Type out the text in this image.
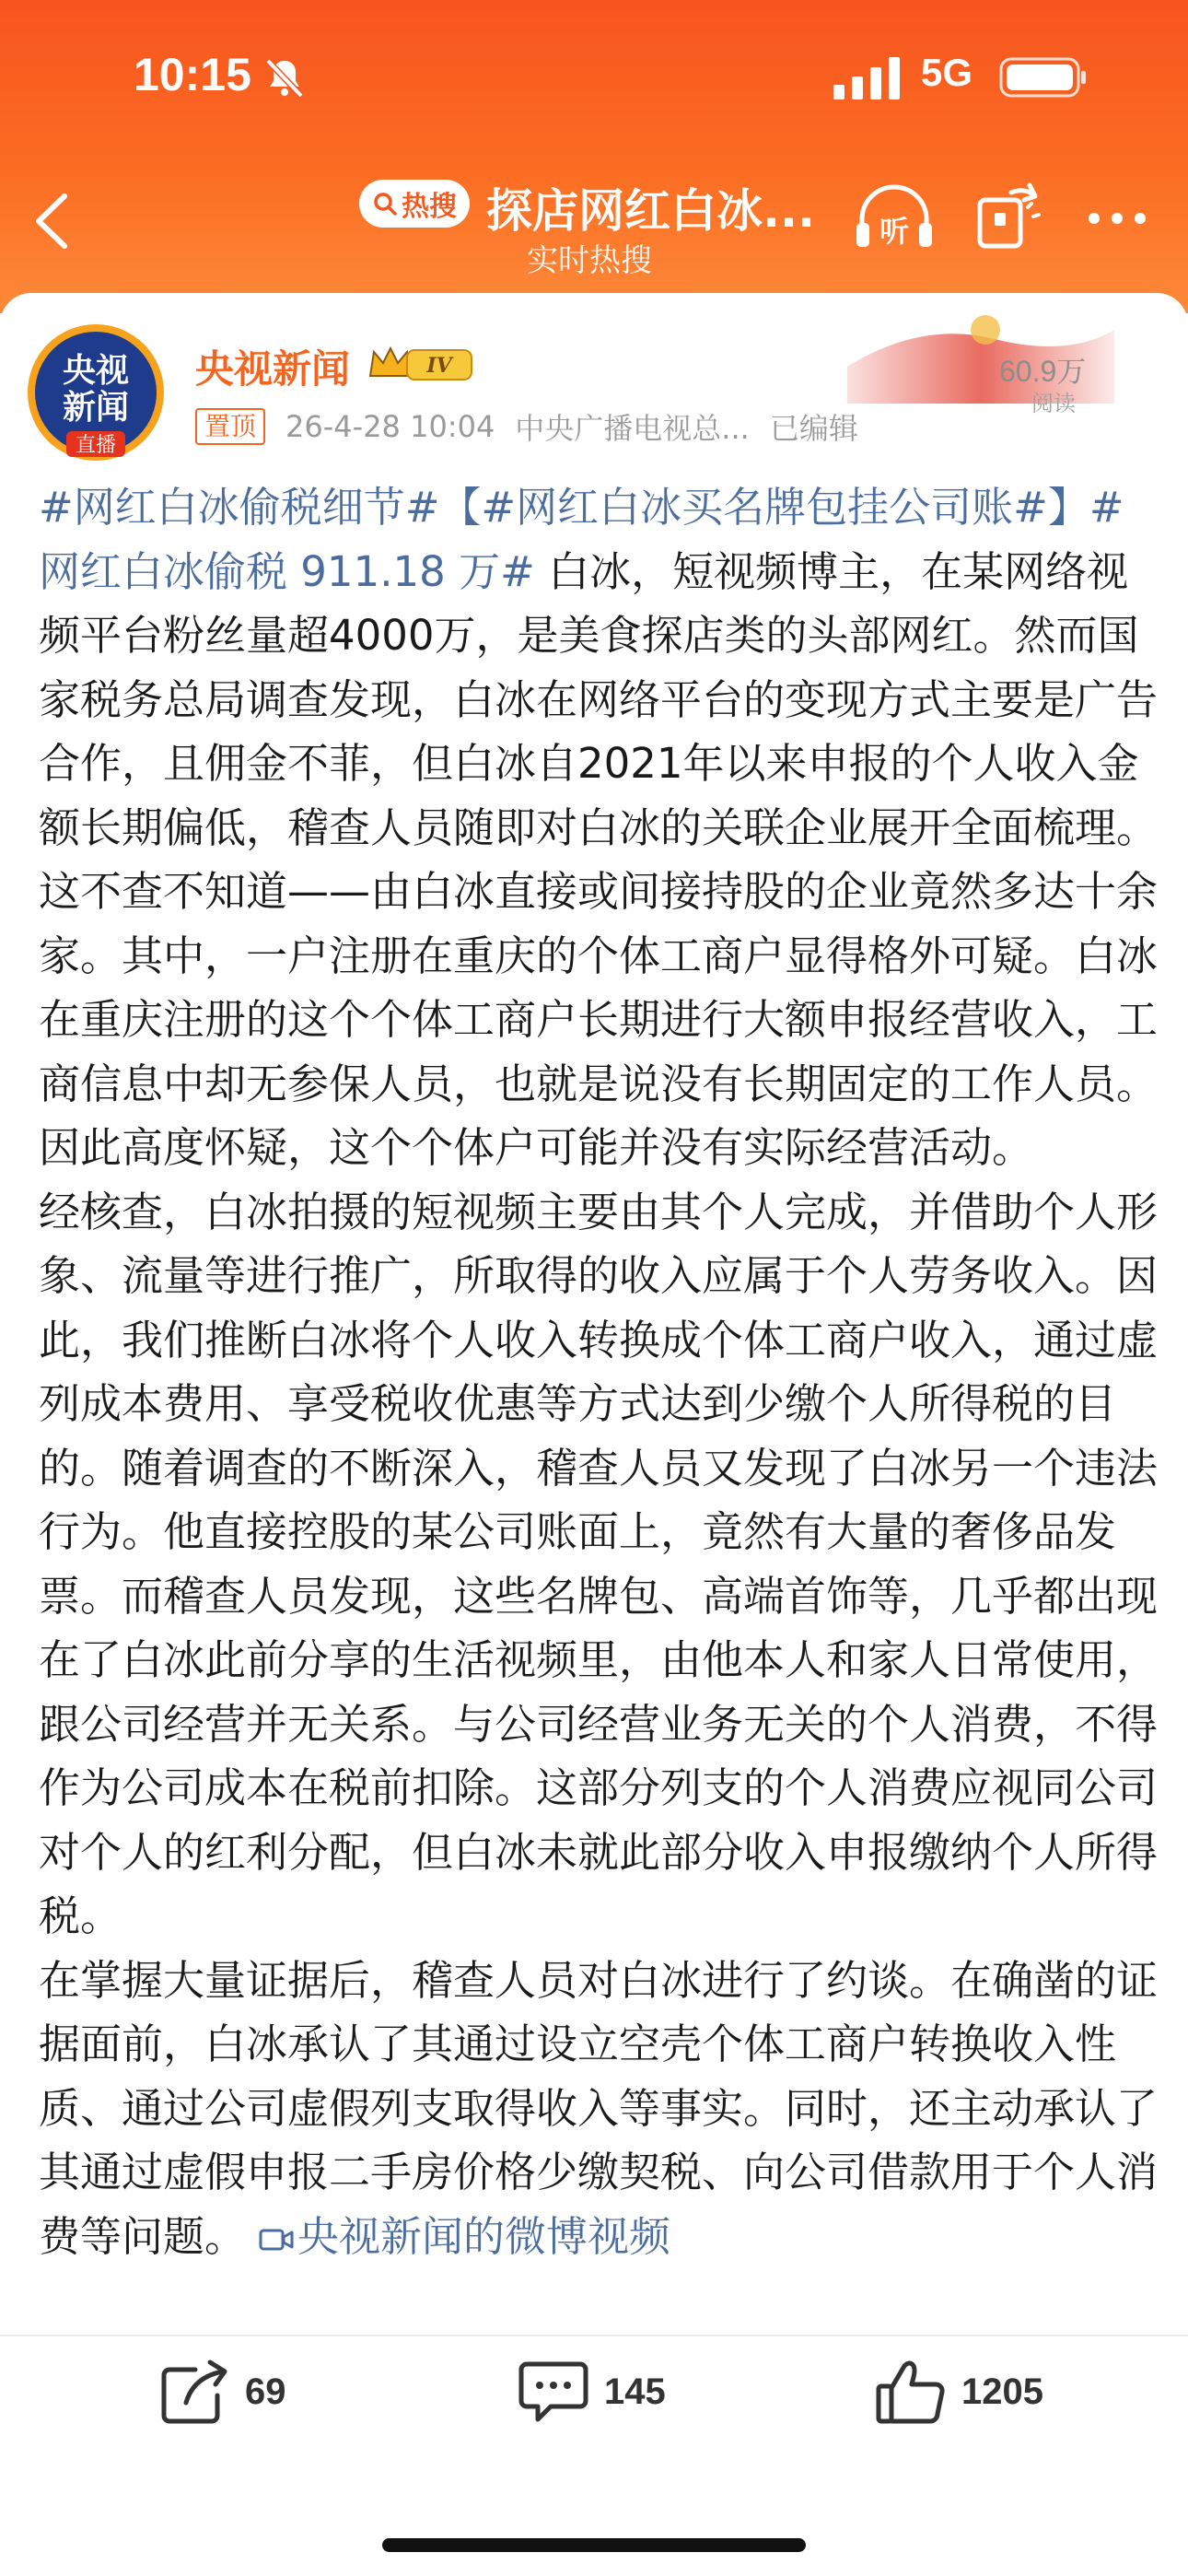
10:15	5G
热搜 探店网红白冰...
实时热搜
听
央视
新闻
直播
央视新闻	IV
置顶	26-4-28 10:04 中央广播电视总... 已编辑
60.9万
阅读

#网红白冰偷税细节#【#网红白冰买名牌包挂公司账#】#网红白冰偷税 911.18 万# 白冰，短视频博主，在某网络视频平台粉丝量超4000万，是美食探店类的头部网红。然而国家税务总局调查发现，白冰在网络平台的变现方式主要是广告合作，且佣金不菲，但白冰自2021年以来申报的个人收入金额长期偏低，稽查人员随即对白冰的关联企业展开全面梳理。这不查不知道——由白冰直接或间接持股的企业竟然多达十余家。其中，一户注册在重庆的个体工商户显得格外可疑。白冰在重庆注册的这个个体工商户长期进行大额申报经营收入，工商信息中却无参保人员，也就是说没有长期固定的工作人员。因此高度怀疑，这个个体户可能并没有实际经营活动。

经核查，白冰拍摄的短视频主要由其个人完成，并借助个人形象、流量等进行推广，所取得的收入应属于个人劳务收入。因此，我们推断白冰将个人收入转换成个体工商户收入，通过虚列成本费用、享受税收优惠等方式达到少缴个人所得税的目的。随着调查的不断深入，稽查人员又发现了白冰另一个违法行为。他直接控股的某公司账面上，竟然有大量的奢侈品发票。而稽查人员发现，这些名牌包、高端首饰等，几乎都出现在了白冰此前分享的生活视频里，由他本人和家人日常使用，跟公司经营并无关系。与公司经营业务无关的个人消费，不得作为公司成本在税前扣除。这部分列支的个人消费应视同公司对个人的红利分配，但白冰未就此部分收入申报缴纳个人所得税。

在掌握大量证据后，稽查人员对白冰进行了约谈。在确凿的证据面前，白冰承认了其通过设立空壳个体工商户转换收入性质、通过公司虚假列支取得收入等事实。同时，还主动承认了其通过虚假申报二手房价格少缴契税、向公司借款用于个人消费等问题。 央视新闻的微博视频

69	145	1205
